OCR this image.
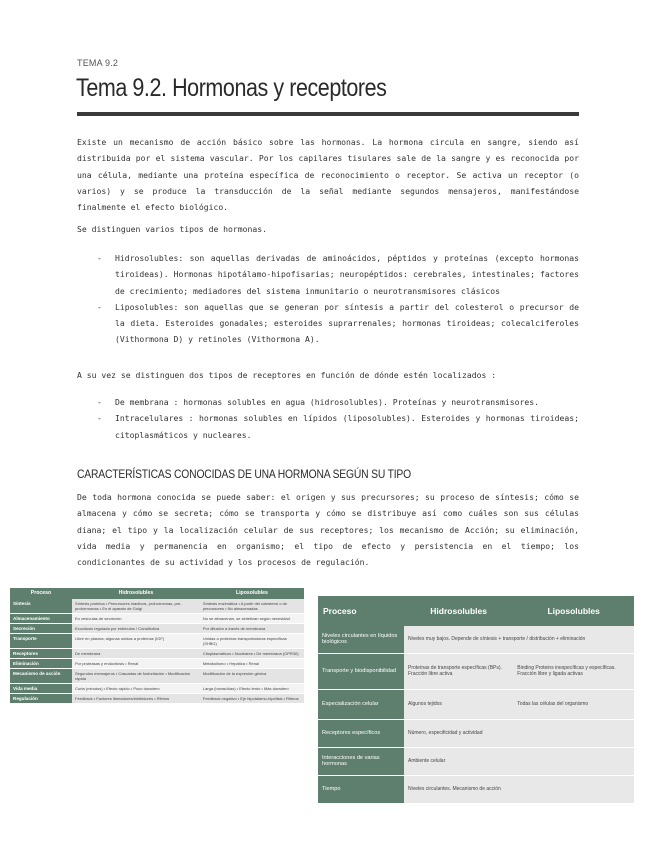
TEMA 9.2
Tema 9.2. Hormonas y receptores
Existe un mecanismo de acción básico sobre las hormonas. La hormona circula en sangre, siendo así distribuida por el sistema vascular. Por los capilares tisulares sale de la sangre y es reconocida por una célula, mediante una proteína específica de reconocimiento o receptor. Se activa un receptor (o varios) y se produce la transducción de la señal mediante segundos mensajeros, manifestándose finalmente el efecto biológico.
Se distinguen varios tipos de hormonas.
- Hidrosolubles: son aquellas derivadas de aminoácidos, péptidos y proteínas (excepto hormonas tiroideas). Hormonas hipotálamo-hipofisarias; neuropéptidos: cerebrales, intestinales; factores de crecimiento; mediadores del sistema inmunitario o neurotransmisores clásicos
- Liposolubles: son aquellas que se generan por síntesis a partir del colesterol o precursor de la dieta. Esteroides gonadales; esteroides suprarrenales; hormonas tiroideas; colecalciferoles (Vithormona D) y retinoles (Vithormona A).
A su vez se distinguen dos tipos de receptores en función de dónde estén localizados :
- De membrana : hormonas solubles en agua (hidrosolubles). Proteínas y neurotransmisores.
- Intracelulares : hormonas solubles en lípidos (liposolubles). Esteroides y hormonas tiroideas; citoplasmáticos y nucleares.
CARACTERÍSTICAS CONOCIDAS DE UNA HORMONA SEGÚN SU TIPO
De toda hormona conocida se puede saber: el origen y sus precursores; su proceso de síntesis; cómo se almacena y cómo se secreta; cómo se transporta y cómo se distribuye así como cuáles son sus células diana; el tipo y la localización celular de sus receptores; los mecanismo de Acción; su eliminación, vida media y permanencia en organismo; el tipo de efecto y persistencia en el tiempo; los condicionantes de su actividad y los procesos de regulación.
Proceso	Hidrosolubles	Liposolubles
Síntesis	Síntesis proteica • Precursores inactivos, prohormonas, pre-prohormonas • En el aparato de Golgi	Síntesis enzimática • A partir del colesterol o de precursores • No almacenadas
Almacenamiento	En vesículas de secreción	No se almacenan, se sintetizan según necesidad
Secreción	Exocitosis regulada por estímulos / Constitutiva	Por difusión a través de membrana
Transporte	Libre en plasma; algunas unidas a proteínas (IGF)	Unidas a proteínas transportadoras específicas (SHBG)
Receptores	De membrana	Citoplasmáticos • Nucleares • De membrana (GPR30)
Eliminación	Por proteasas y endocitosis • Renal	Metabolismo • Hepática • Renal
Mecanismo de acción	Segundos mensajeros • Cascadas de fosforilación • Modificación rápida	Modificación de la expresión génica
Vida media	Corta (minutos) • Efecto rápido • Poco duradero	Larga (horas/días) • Efecto lento • Más duradero
Regulación	Feedback • Factores liberadores/inhibidores • Ritmos	Feedback negativo • Eje hipotálamo-hipófisis • Ritmos
Proceso	Hidrosolubles	Liposolubles
Niveles circulantes en líquidos biológicos	Niveles muy bajos. Depende de síntesis + transporte / distribución + eliminación	
Transporte y biodisponibilidad	Proteínas de transporte específicas (BPs). Fracción libre activa	Binding Proteins inespecíficas y específicas. Fracción libre y ligada activas
Especialización celular	Algunos tejidos	Todas las células del organismo
Receptores específicos	Número, especificidad y actividad	
Interacciones de varias hormonas	Ambiente celular	
Tiempo	Niveles circulantes. Mecanismo de acción	
